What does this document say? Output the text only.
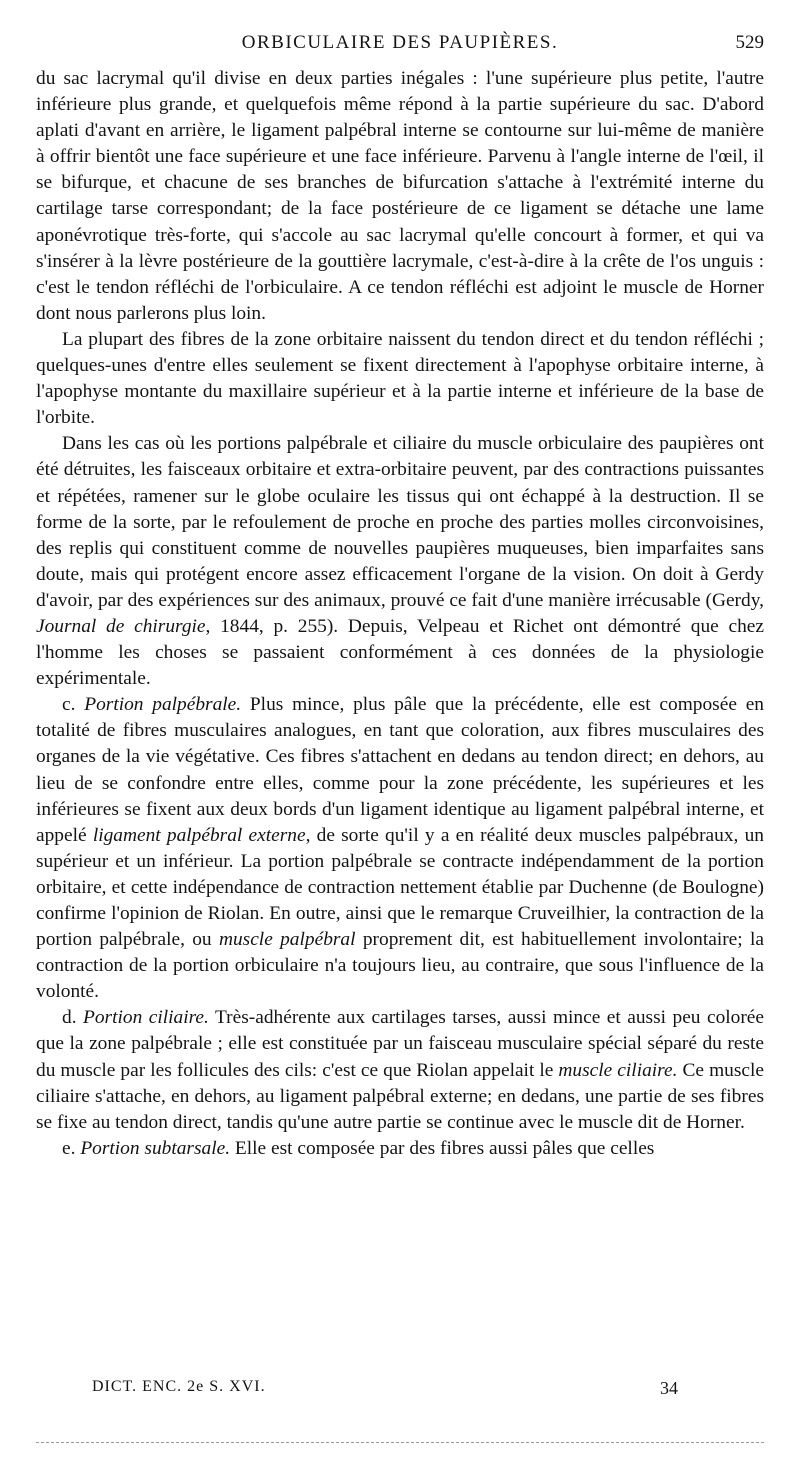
ORBICULAIRE DES PAUPIÈRES.	529

du sac lacrymal qu'il divise en deux parties inégales : l'une supérieure plus petite, l'autre inférieure plus grande, et quelquefois même répond à la partie supérieure du sac. D'abord aplati d'avant en arrière, le ligament palpébral interne se contourne sur lui-même de manière à offrir bientôt une face supérieure et une face inférieure. Parvenu à l'angle interne de l'œil, il se bifurque, et chacune de ses branches de bifurcation s'attache à l'extrémité interne du cartilage tarse correspondant; de la face postérieure de ce ligament se détache une lame aponévrotique très-forte, qui s'accole au sac lacrymal qu'elle concourt à former, et qui va s'insérer à la lèvre postérieure de la gouttière lacrymale, c'est-à-dire à la crête de l'os unguis : c'est le tendon réfléchi de l'orbiculaire. A ce tendon réfléchi est adjoint le muscle de Horner dont nous parlerons plus loin.

La plupart des fibres de la zone orbitaire naissent du tendon direct et du tendon réfléchi ; quelques-unes d'entre elles seulement se fixent directement à l'apophyse orbitaire interne, à l'apophyse montante du maxillaire supérieur et à la partie interne et inférieure de la base de l'orbite.

Dans les cas où les portions palpébrale et ciliaire du muscle orbiculaire des paupières ont été détruites, les faisceaux orbitaire et extra-orbitaire peuvent, par des contractions puissantes et répétées, ramener sur le globe oculaire les tissus qui ont échappé à la destruction. Il se forme de la sorte, par le refoulement de proche en proche des parties molles circonvoisines, des replis qui constituent comme de nouvelles paupières muqueuses, bien imparfaites sans doute, mais qui protégent encore assez efficacement l'organe de la vision. On doit à Gerdy d'avoir, par des expériences sur des animaux, prouvé ce fait d'une manière irrécusable (Gerdy, Journal de chirurgie, 1844, p. 255). Depuis, Velpeau et Richet ont démontré que chez l'homme les choses se passaient conformément à ces données de la physiologie expérimentale.

c. Portion palpébrale. Plus mince, plus pâle que la précédente, elle est composée en totalité de fibres musculaires analogues, en tant que coloration, aux fibres musculaires des organes de la vie végétative. Ces fibres s'attachent en dedans au tendon direct; en dehors, au lieu de se confondre entre elles, comme pour la zone précédente, les supérieures et les inférieures se fixent aux deux bords d'un ligament identique au ligament palpébral interne, et appelé ligament palpébral externe, de sorte qu'il y a en réalité deux muscles palpébraux, un supérieur et un inférieur. La portion palpébrale se contracte indépendamment de la portion orbitaire, et cette indépendance de contraction nettement établie par Duchenne (de Boulogne) confirme l'opinion de Riolan. En outre, ainsi que le remarque Cruveilhier, la contraction de la portion palpébrale, ou muscle palpébral proprement dit, est habituellement involontaire; la contraction de la portion orbiculaire n'a toujours lieu, au contraire, que sous l'influence de la volonté.

d. Portion ciliaire. Très-adhérente aux cartilages tarses, aussi mince et aussi peu colorée que la zone palpébrale ; elle est constituée par un faisceau musculaire spécial séparé du reste du muscle par les follicules des cils: c'est ce que Riolan appelait le muscle ciliaire. Ce muscle ciliaire s'attache, en dehors, au ligament palpébral externe; en dedans, une partie de ses fibres se fixe au tendon direct, tandis qu'une autre partie se continue avec le muscle dit de Horner.

e. Portion subtarsale. Elle est composée par des fibres aussi pâles que celles

DICT. ENC. 2e S. XVI.	34
